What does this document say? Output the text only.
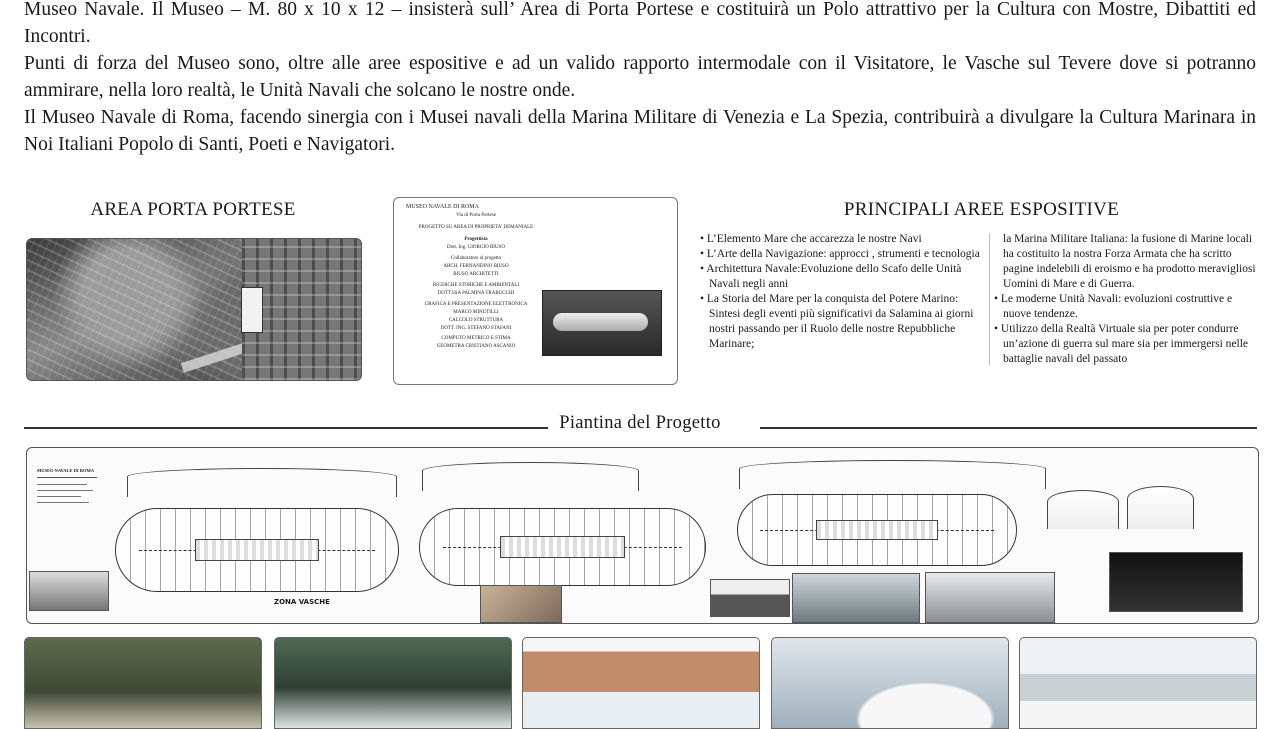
Museo Navale. Il Museo – M. 80 x 10 x 12 – insisterà sull’ Area di Porta Portese e costituirà un Polo attrattivo per la Cultura con Mostre, Dibattiti ed Incontri.

Punti di forza del Museo sono, oltre alle aree espositive e ad un valido rapporto intermodale con il Visitatore, le Vasche sul Tevere dove si potranno ammirare, nella loro realtà, le Unità Navali che solcano le nostre onde.

Il Museo Navale di Roma, facendo sinergia con i Musei navali della Marina Militare di Venezia e La Spezia, contribuirà a divulgare la Cultura Marinara in Noi Italiani Popolo di Santi, Poeti e Navigatori.

AREA PORTA PORTESE	PRINCIPALI AREE ESPOSITIVE
MUSEO NAVALE DI ROMA
Via di Porta Portese
PROGETTO SU AREA DI PROPRIETA' DEMANIALE
Progettista
Dott. Ing. GIORGIO BIUSO
Collaboratore al progetto
ARCH. FERNANDINO BIUSO
BIUSO ARCHITETTI
RICERCHE STORICHE E AMBIENTALI
DOTT.SSA PALMINA TRABUCCHI
GRAFICA E PRESENTAZIONE ELETTRONICA
MARCO MINUTILLI
CALCOLO STRUTTURA
DOTT. ING. STEFANO STAFANI
COMPUTO METRICO E STIMA
GEOMETRA CRISTIANO ASCANIO
• L’Elemento Mare che accarezza le nostre Navi
• L’Arte della Navigazione: approcci , strumenti e tecnologia
• Architettura Navale:Evoluzione dello Scafo delle Unità Navali negli anni
• La Storia del Mare per la conquista del Potere Marino: Sintesi degli eventi più significativi da Salamina ai giorni nostri passando per il Ruolo delle nostre Repubbliche Marinare;
la Marina Militare Italiana: la fusione di Marine locali ha costituito la nostra Forza Armata che ha scritto pagine indelebili di eroismo e ha prodotto meravigliosi Uomini di Mare e di Guerra.
• Le moderne Unità Navali: evoluzioni costruttive e nuove tendenze.
• Utilizzo della Realtà Virtuale sia per poter condurre un’azione di guerra sul mare sia per immergersi nelle battaglie navali del passato
Piantina del Progetto
MUSEO NAVALE DI ROMA
ZONA VASCHE
